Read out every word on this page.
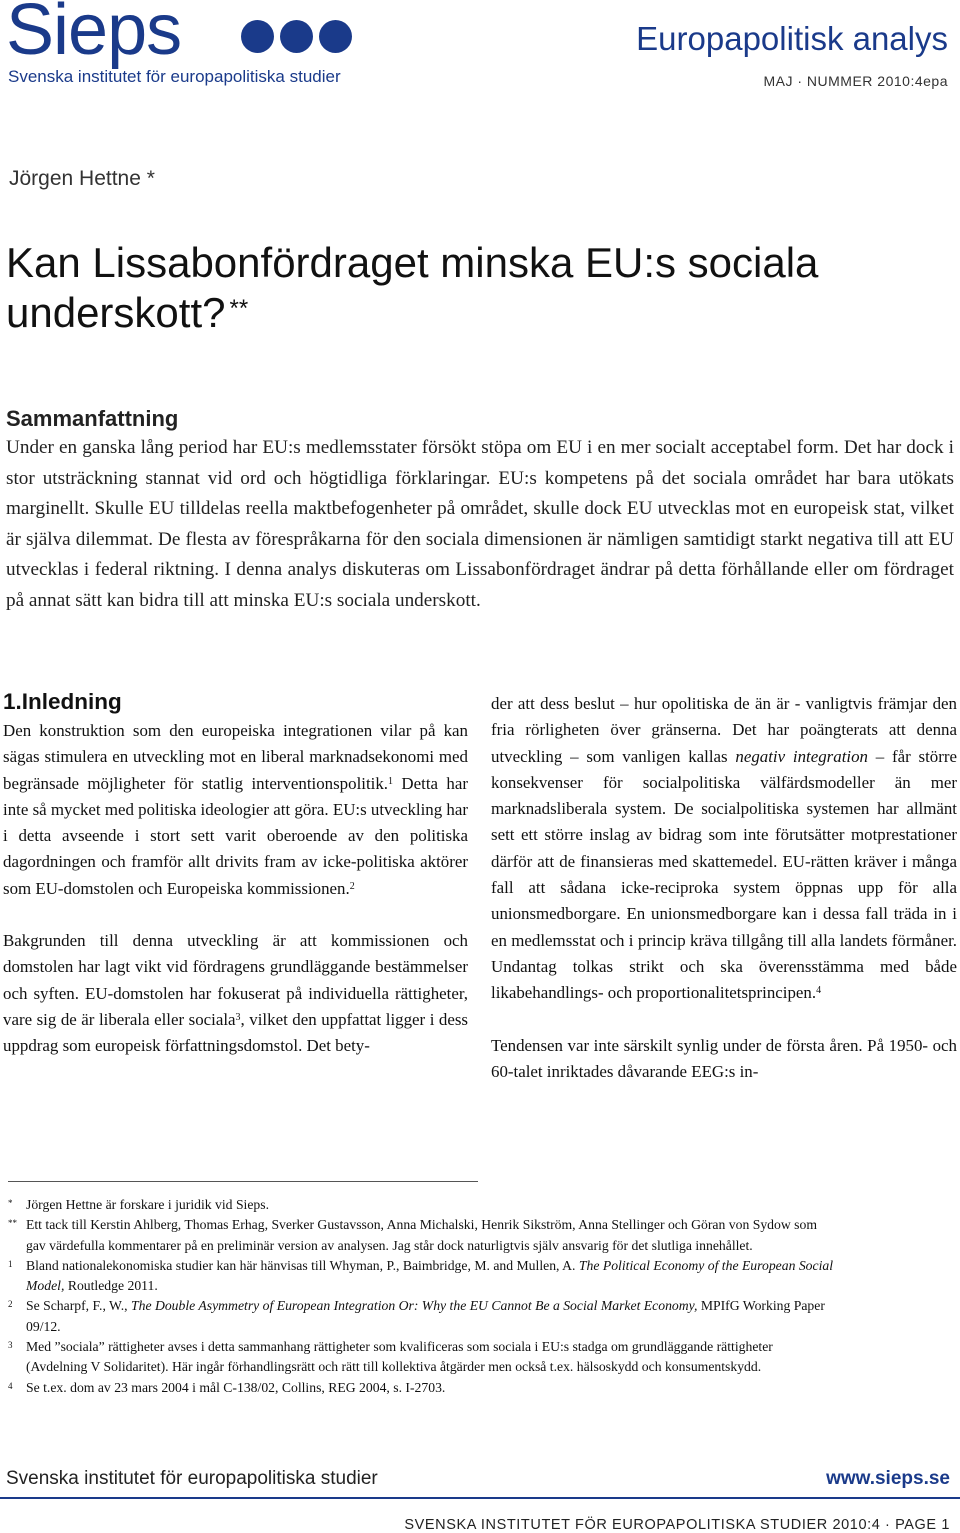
Sieps
Svenska institutet för europapolitiska studier
Europapolitisk analys
MAJ · NUMMER 2010:4epa
Jörgen Hettne *
Kan Lissabonfördraget minska EU:s sociala underskott? **
Sammanfattning

Under en ganska lång period har EU:s medlemsstater försökt stöpa om EU i en mer socialt acceptabel form. Det har dock i stor utsträckning stannat vid ord och högtidliga förklaringar. EU:s kompetens på det sociala området har bara utökats marginellt. Skulle EU tilldelas reella maktbefogenheter på området, skulle dock EU utvecklas mot en europeisk stat, vilket är själva dilemmat. De flesta av förespråkarna för den sociala dimensionen är nämligen samtidigt starkt negativa till att EU utvecklas i federal riktning. I denna analys diskuteras om Lissabonfördraget ändrar på detta förhållande eller om fördraget på annat sätt kan bidra till att minska EU:s sociala underskott.

1.Inledning

Den konstruktion som den europeiska integrationen vilar på kan sägas stimulera en utveckling mot en liberal marknadsekonomi med begränsade möjligheter för statlig interventionspolitik.$^1$ Detta har inte så mycket med politiska ideologier att göra. EU:s utveckling har i detta avseende i stort sett varit oberoende av den politiska dagordningen och framför allt drivits fram av icke-politiska aktörer som EU-domstolen och Europeiska kommissionen.$^2$

Bakgrunden till denna utveckling är att kommissionen och domstolen har lagt vikt vid fördragens grundläggande bestämmelser och syften. EU-domstolen har fokuserat på individuella rättigheter, vare sig de är liberala eller sociala$^3$, vilket den uppfattat ligger i dess uppdrag som europeisk författningsdomstol. Det bety-

der att dess beslut – hur opolitiska de än är - vanligtvis främjar den fria rörligheten över gränserna. Det har poängterats att denna utveckling – som vanligen kallas negativ integration – får större konsekvenser för socialpolitiska välfärdsmodeller än mer marknadsliberala system. De socialpolitiska systemen har allmänt sett ett större inslag av bidrag som inte förutsätter motprestationer därför att de finansieras med skattemedel. EU-rätten kräver i många fall att sådana icke-reciproka system öppnas upp för alla unionsmedborgare. En unionsmedborgare kan i dessa fall träda in i en medlemsstat och i princip kräva tillgång till alla landets förmåner. Undantag tolkas strikt och ska överensstämma med både likabehandlings- och proportionalitetsprincipen.$^4$

Tendensen var inte särskilt synlig under de första åren. På 1950- och 60-talet inriktades dåvarande EEG:s in-

* Jörgen Hettne är forskare i juridik vid Sieps.

** Ett tack till Kerstin Ahlberg, Thomas Erhag, Sverker Gustavsson, Anna Michalski, Henrik Sikström, Anna Stellinger och Göran von Sydow som gav värdefulla kommentarer på en preliminär version av analysen. Jag står dock naturligtvis själv ansvarig för det slutliga innehållet.

1 Bland nationalekonomiska studier kan här hänvisas till Whyman, P., Baimbridge, M. and Mullen, A. The Political Economy of the European Social Model, Routledge 2011.

2 Se Scharpf, F., W., The Double Asymmetry of European Integration Or: Why the EU Cannot Be a Social Market Economy, MPIfG Working Paper 09/12.

3 Med ”sociala” rättigheter avses i detta sammanhang rättigheter som kvalificeras som sociala i EU:s stadga om grundläggande rättigheter (Avdelning V Solidaritet). Här ingår förhandlingsrätt och rätt till kollektiva åtgärder men också t.ex. hälsoskydd och konsumentskydd.

4 Se t.ex. dom av 23 mars 2004 i mål C-138/02, Collins, REG 2004, s. I-2703.

Svenska institutet för europapolitiska studier	www.sieps.se
SVENSKA INSTITUTET FÖR EUROPAPOLITISKA STUDIER 2010:4 · PAGE 1
